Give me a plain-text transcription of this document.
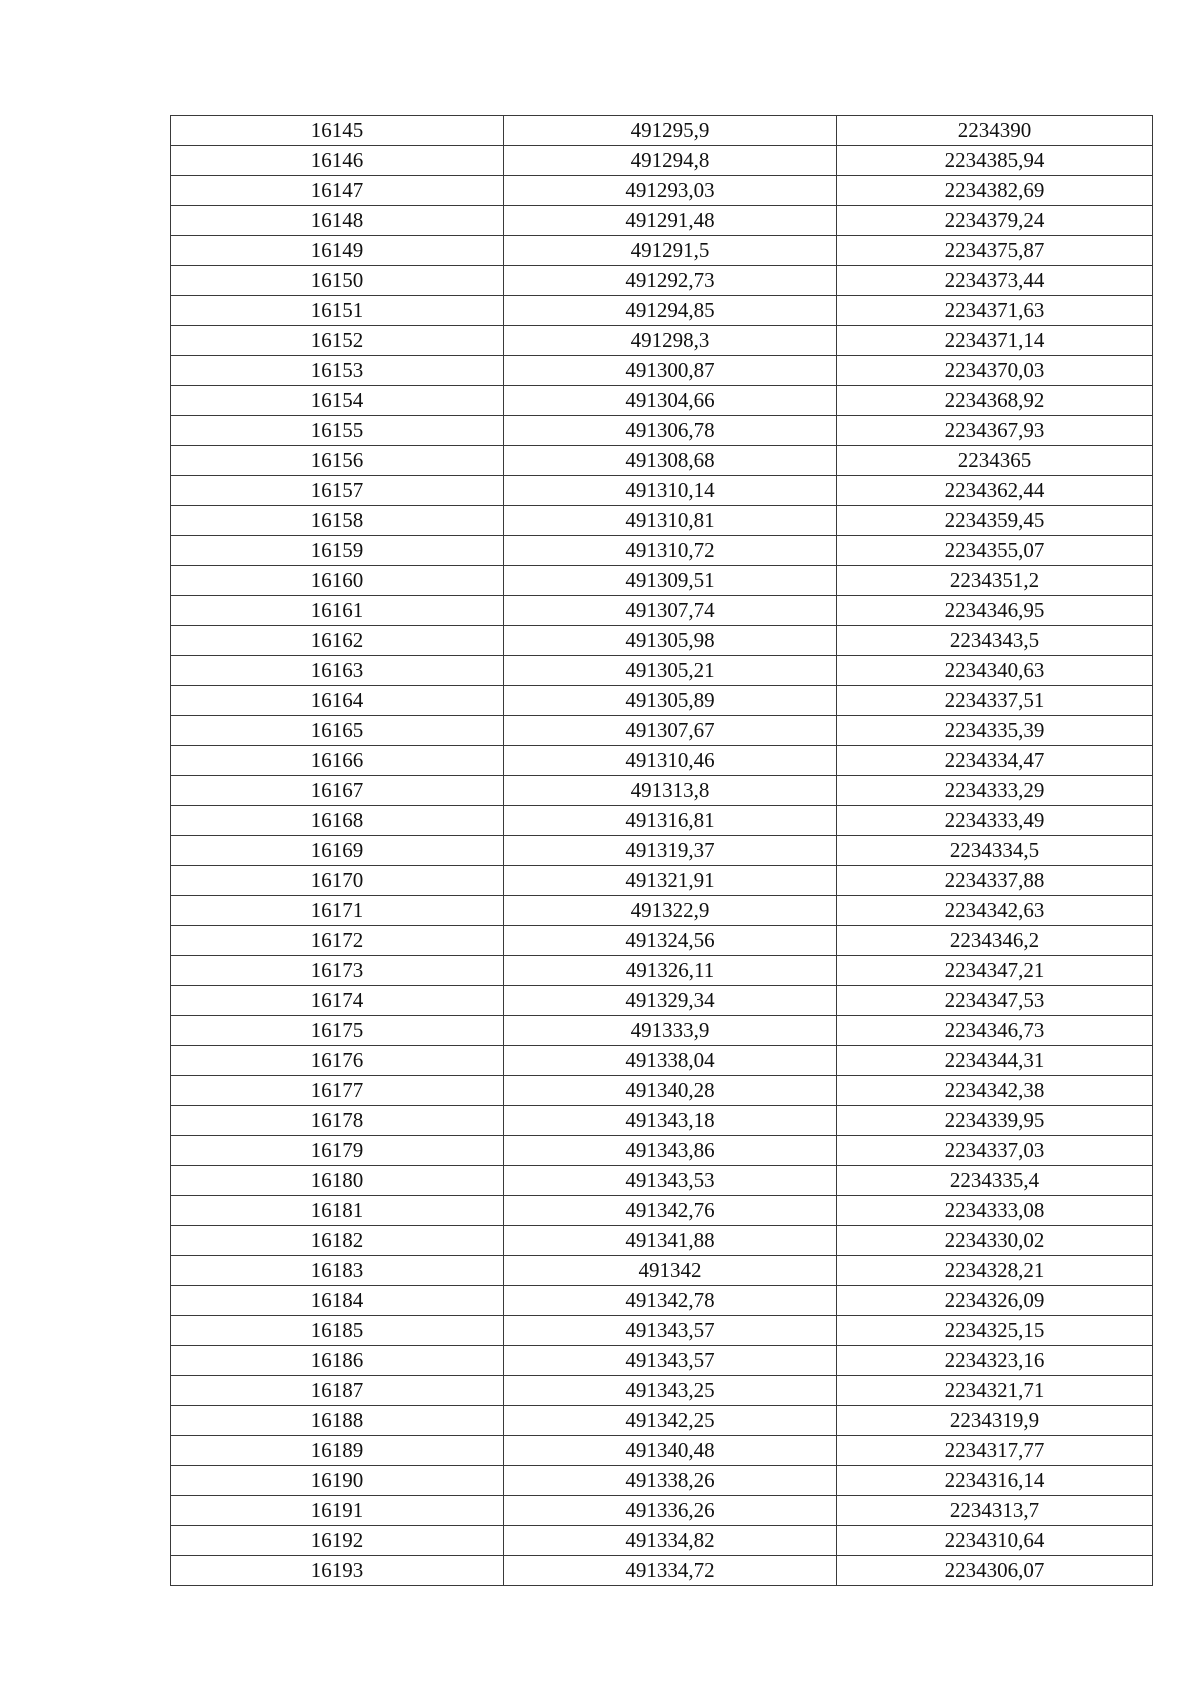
16145	491295,9	2234390
16146	491294,8	2234385,94
16147	491293,03	2234382,69
16148	491291,48	2234379,24
16149	491291,5	2234375,87
16150	491292,73	2234373,44
16151	491294,85	2234371,63
16152	491298,3	2234371,14
16153	491300,87	2234370,03
16154	491304,66	2234368,92
16155	491306,78	2234367,93
16156	491308,68	2234365
16157	491310,14	2234362,44
16158	491310,81	2234359,45
16159	491310,72	2234355,07
16160	491309,51	2234351,2
16161	491307,74	2234346,95
16162	491305,98	2234343,5
16163	491305,21	2234340,63
16164	491305,89	2234337,51
16165	491307,67	2234335,39
16166	491310,46	2234334,47
16167	491313,8	2234333,29
16168	491316,81	2234333,49
16169	491319,37	2234334,5
16170	491321,91	2234337,88
16171	491322,9	2234342,63
16172	491324,56	2234346,2
16173	491326,11	2234347,21
16174	491329,34	2234347,53
16175	491333,9	2234346,73
16176	491338,04	2234344,31
16177	491340,28	2234342,38
16178	491343,18	2234339,95
16179	491343,86	2234337,03
16180	491343,53	2234335,4
16181	491342,76	2234333,08
16182	491341,88	2234330,02
16183	491342	2234328,21
16184	491342,78	2234326,09
16185	491343,57	2234325,15
16186	491343,57	2234323,16
16187	491343,25	2234321,71
16188	491342,25	2234319,9
16189	491340,48	2234317,77
16190	491338,26	2234316,14
16191	491336,26	2234313,7
16192	491334,82	2234310,64
16193	491334,72	2234306,07
